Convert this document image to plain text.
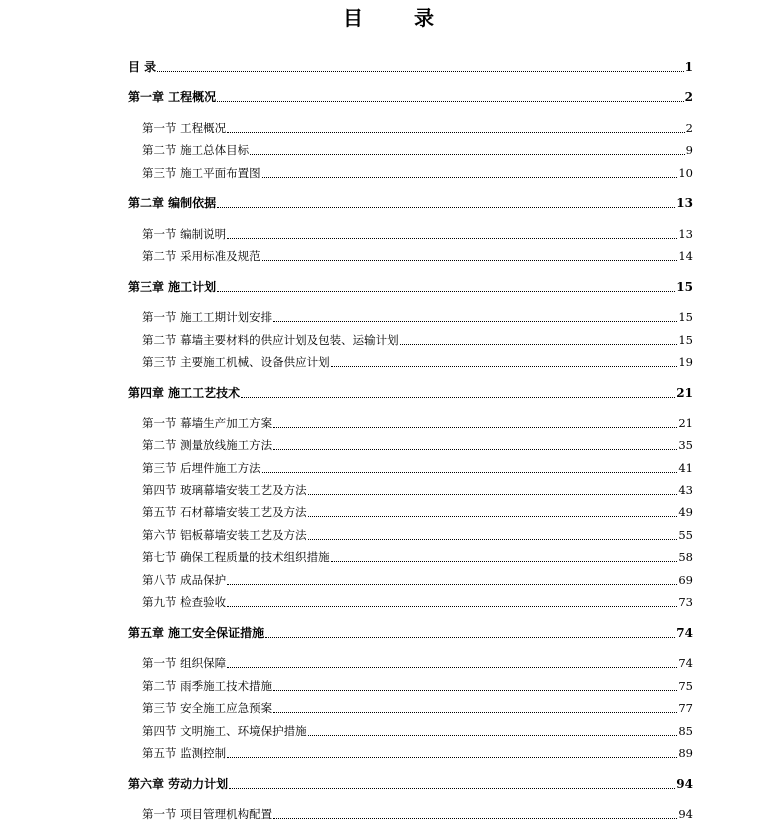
目 录
目 录	1
第一章 工程概况	2
第一节 工程概况	2
第二节 施工总体目标	9
第三节 施工平面布置图	10
第二章 编制依据	13
第一节 编制说明	13
第二节 采用标准及规范	14
第三章 施工计划	15
第一节 施工工期计划安排	15
第二节 幕墙主要材料的供应计划及包装、运输计划	15
第三节 主要施工机械、设备供应计划	19
第四章 施工工艺技术	21
第一节 幕墙生产加工方案	21
第二节 测量放线施工方法	35
第三节 后埋件施工方法	41
第四节 玻璃幕墙安装工艺及方法	43
第五节 石材幕墙安装工艺及方法	49
第六节 铝板幕墙安装工艺及方法	55
第七节 确保工程质量的技术组织措施	58
第八节 成品保护	69
第九节 检查验收	73
第五章 施工安全保证措施	74
第一节 组织保障	74
第二节 雨季施工技术措施	75
第三节 安全施工应急预案	77
第四节 文明施工、环境保护措施	85
第五节 监测控制	89
第六章 劳动力计划	94
第一节 项目管理机构配置	94
